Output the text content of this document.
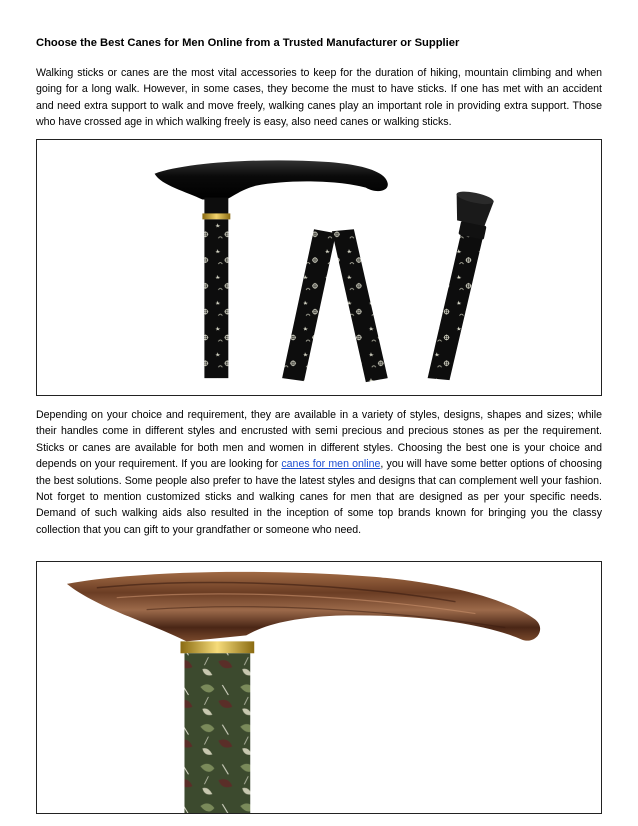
Choose the Best Canes for Men Online from a Trusted Manufacturer or Supplier

Walking sticks or canes are the most vital accessories to keep for the duration of hiking, mountain climbing and when going for a long walk. However, in some cases, they become the must to have sticks. If one has met with an accident and need extra support to walk and move freely, walking canes play an important role in providing extra support. Those who have crossed age in which walking freely is easy, also need canes or walking sticks.

Depending on your choice and requirement, they are available in a variety of styles, designs, shapes and sizes; while their handles come in different styles and encrusted with semi precious and precious stones as per the requirement. Sticks or canes are available for both men and women in different styles. Choosing the best one is your choice and depends on your requirement. If you are looking for canes for men online, you will have some better options of choosing the best solutions. Some people also prefer to have the latest styles and designs that can complement well your fashion. Not forget to mention customized sticks and walking canes for men that are designed as per your specific needs. Demand of such walking aids also resulted in the inception of some top brands known for bringing you the classy collection that you can gift to your grandfather or someone who need.
